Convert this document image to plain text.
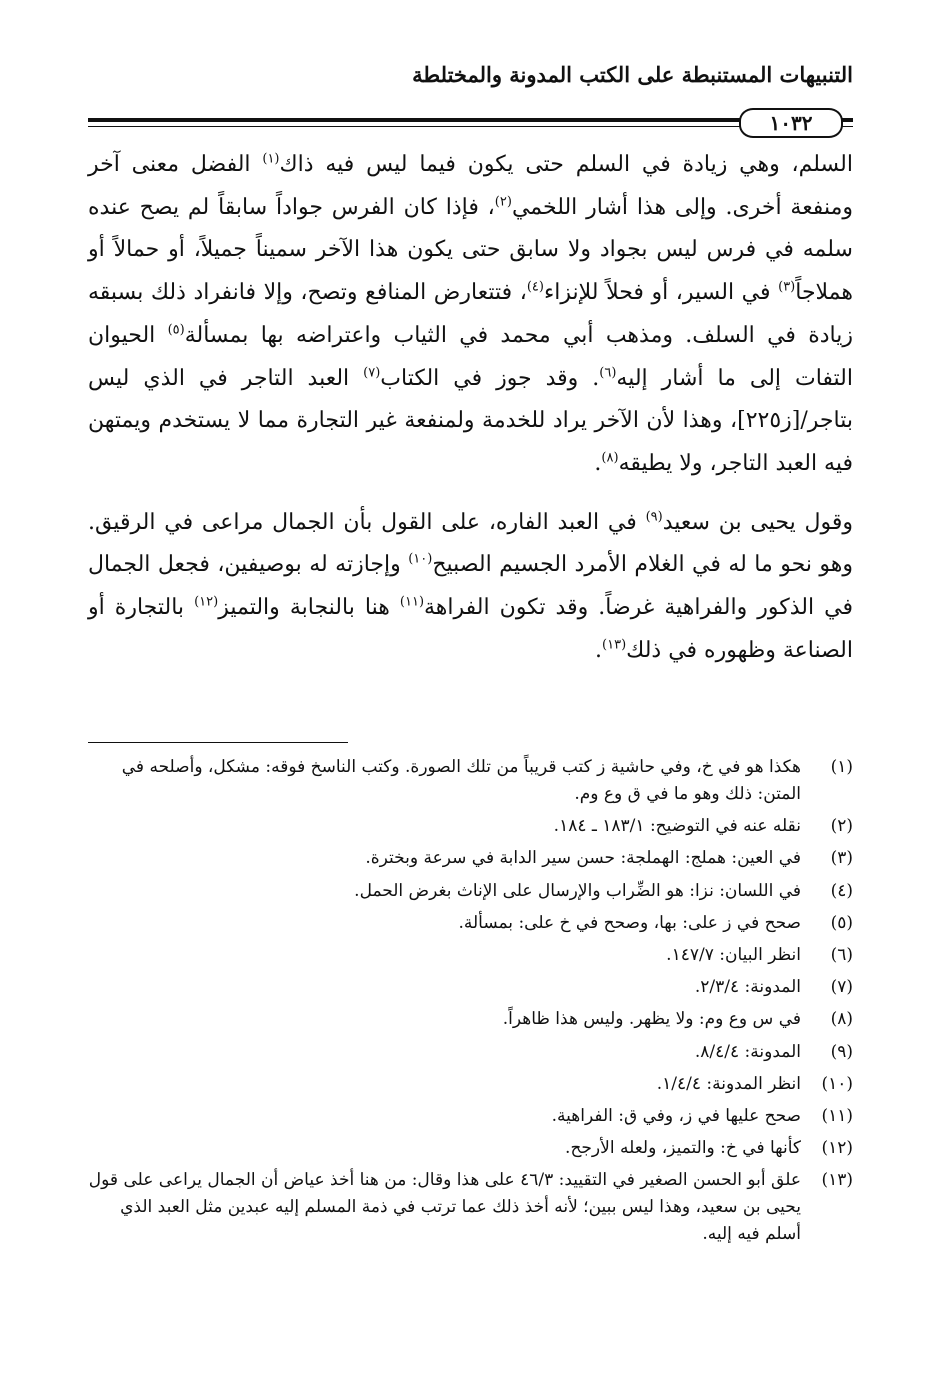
التنبيهات المستنبطة على الكتب المدونة والمختلطة
١٠٣٢

السلم، وهي زيادة في السلم حتى يكون فيما ليس فيه ذاك$^{(١)}$ الفضل معنى آخر ومنفعة أخرى. وإلى هذا أشار اللخمي$^{(٢)}$، فإذا كان الفرس جواداً سابقاً لم يصح عنده سلمه في فرس ليس بجواد ولا سابق حتى يكون هذا الآخر سميناً جميلاً، أو حمالاً أو هملاجاً$^{(٣)}$ في السير، أو فحلاً للإنزاء$^{(٤)}$، فتتعارض المنافع وتصح، وإلا فانفراد ذلك بسبقه زيادة في السلف. ومذهب أبي محمد في الثياب واعتراضه بها بمسألة$^{(٥)}$ الحيوان التفات إلى ما أشار إليه$^{(٦)}$. وقد جوز في الكتاب$^{(٧)}$ العبد التاجر في الذي ليس بتاجر/[ز٢٢٥]، وهذا لأن الآخر يراد للخدمة ولمنفعة غير التجارة مما لا يستخدم ويمتهن فيه العبد التاجر، ولا يطيقه$^{(٨)}$.

وقول يحيى بن سعيد$^{(٩)}$ في العبد الفاره، على القول بأن الجمال مراعى في الرقيق. وهو نحو ما له في الغلام الأمرد الجسيم الصبيح$^{(١٠)}$ وإجازته له بوصيفين، فجعل الجمال في الذكور والفراهية غرضاً. وقد تكون الفراهة$^{(١١)}$ هنا بالنجابة والتميز$^{(١٢)}$ بالتجارة أو الصناعة وظهوره في ذلك$^{(١٣)}$.

(١)
هكذا هو في خ، وفي حاشية ز كتب قريباً من تلك الصورة. وكتب الناسخ فوقه: مشكل، وأصلحه في المتن: ذلك وهو ما في ق وع وم.
(٢)
نقله عنه في التوضيح: ١٨٣/١ ـ ١٨٤.
(٣)
في العين: هملج: الهملجة: حسن سير الدابة في سرعة وبخترة.
(٤)
في اللسان: نزا: هو الضِّراب والإرسال على الإناث بغرض الحمل.
(٥)
صحح في ز على: بها، وصحح في خ على: بمسألة.
(٦)
انظر البيان: ١٤٧/٧.
(٧)
المدونة: ٢/٣/٤.
(٨)
في س وع وم: ولا يظهر. وليس هذا ظاهراً.
(٩)
المدونة: ٨/٤/٤.
(١٠)
انظر المدونة: ١/٤/٤.
(١١)
صحح عليها في ز، وفي ق: الفراهية.
(١٢)
كأنها في خ: والتميز، ولعله الأرجح.
(١٣)
علق أبو الحسن الصغير في التقييد: ٤٦/٣ على هذا وقال: من هنا أخذ عياض أن الجمال يراعى على قول يحيى بن سعيد، وهذا ليس ببين؛ لأنه أخذ ذلك عما ترتب في ذمة المسلم إليه عبدين مثل العبد الذي أسلم فيه إليه.
